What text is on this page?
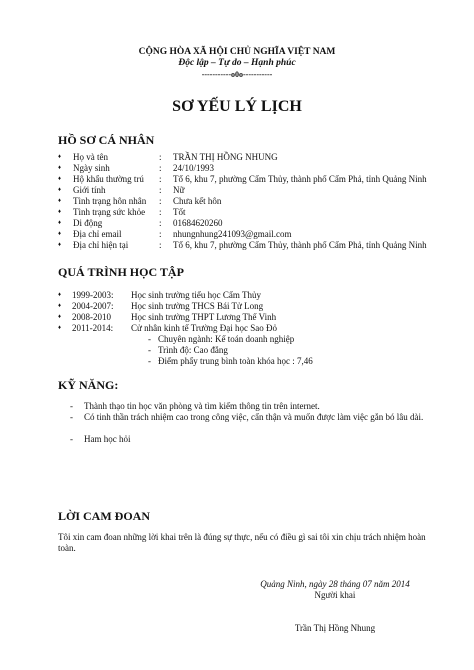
CỘNG HÒA XÃ HỘI CHỦ NGHĨA VIỆT NAM
Độc lập – Tự do – Hạnh phúc
-----------o0o-----------
SƠ YẾU LÝ LỊCH
HỒ SƠ CÁ NHÂN
♦ Họ và tên	: TRẦN THỊ HỒNG NHUNG
♦ Ngày sinh	: 24/10/1993
♦ Hộ khẩu thường trú : Tổ 6, khu 7, phường Cẩm Thủy, thành phố Cẩm Phả, tỉnh Quảng Ninh
♦ Giới tính	: Nữ
♦ Tình trạng hôn nhân : Chưa kết hôn
♦ Tình trạng sức khỏe : Tốt
♦ Di động	: 01684620260
♦ Địa chỉ email	: nhungnhung241093@gmail.com
♦ Địa chỉ hiện tại	: Tổ 6, khu 7, phường Cẩm Thủy, thành phố Cẩm Phả, tỉnh Quảng Ninh
QUÁ TRÌNH HỌC TẬP
♦ 1999-2003: Học sinh trường tiểu học Cẩm Thủy
♦ 2004-2007: Học sinh trường THCS Bái Tử Long
♦ 2008-2010 Học sinh trường THPT Lương Thế Vinh
♦ 2011-2014: Cử nhân kinh tế Trường Đại học Sao Đỏ
- Chuyên ngành: Kế toán doanh nghiệp
- Trình độ: Cao đẳng
- Điểm phẩy trung bình toàn khóa học : 7,46
KỸ NĂNG:
- Thành thạo tin học văn phòng và tìm kiếm thông tin trên internet.
- Có tinh thần trách nhiệm cao trong công việc, cẩn thận và muốn được làm việc gắn bó lâu dài.
- Ham học hỏi
LỜI CAM ĐOAN
Tôi xin cam đoan những lời khai trên là đúng sự thực, nếu có điều gì sai tôi xin chịu trách nhiệm hoàn toàn.
Quảng Ninh, ngày 28 tháng 07 năm 2014
Người khai
Trần Thị Hồng Nhung
